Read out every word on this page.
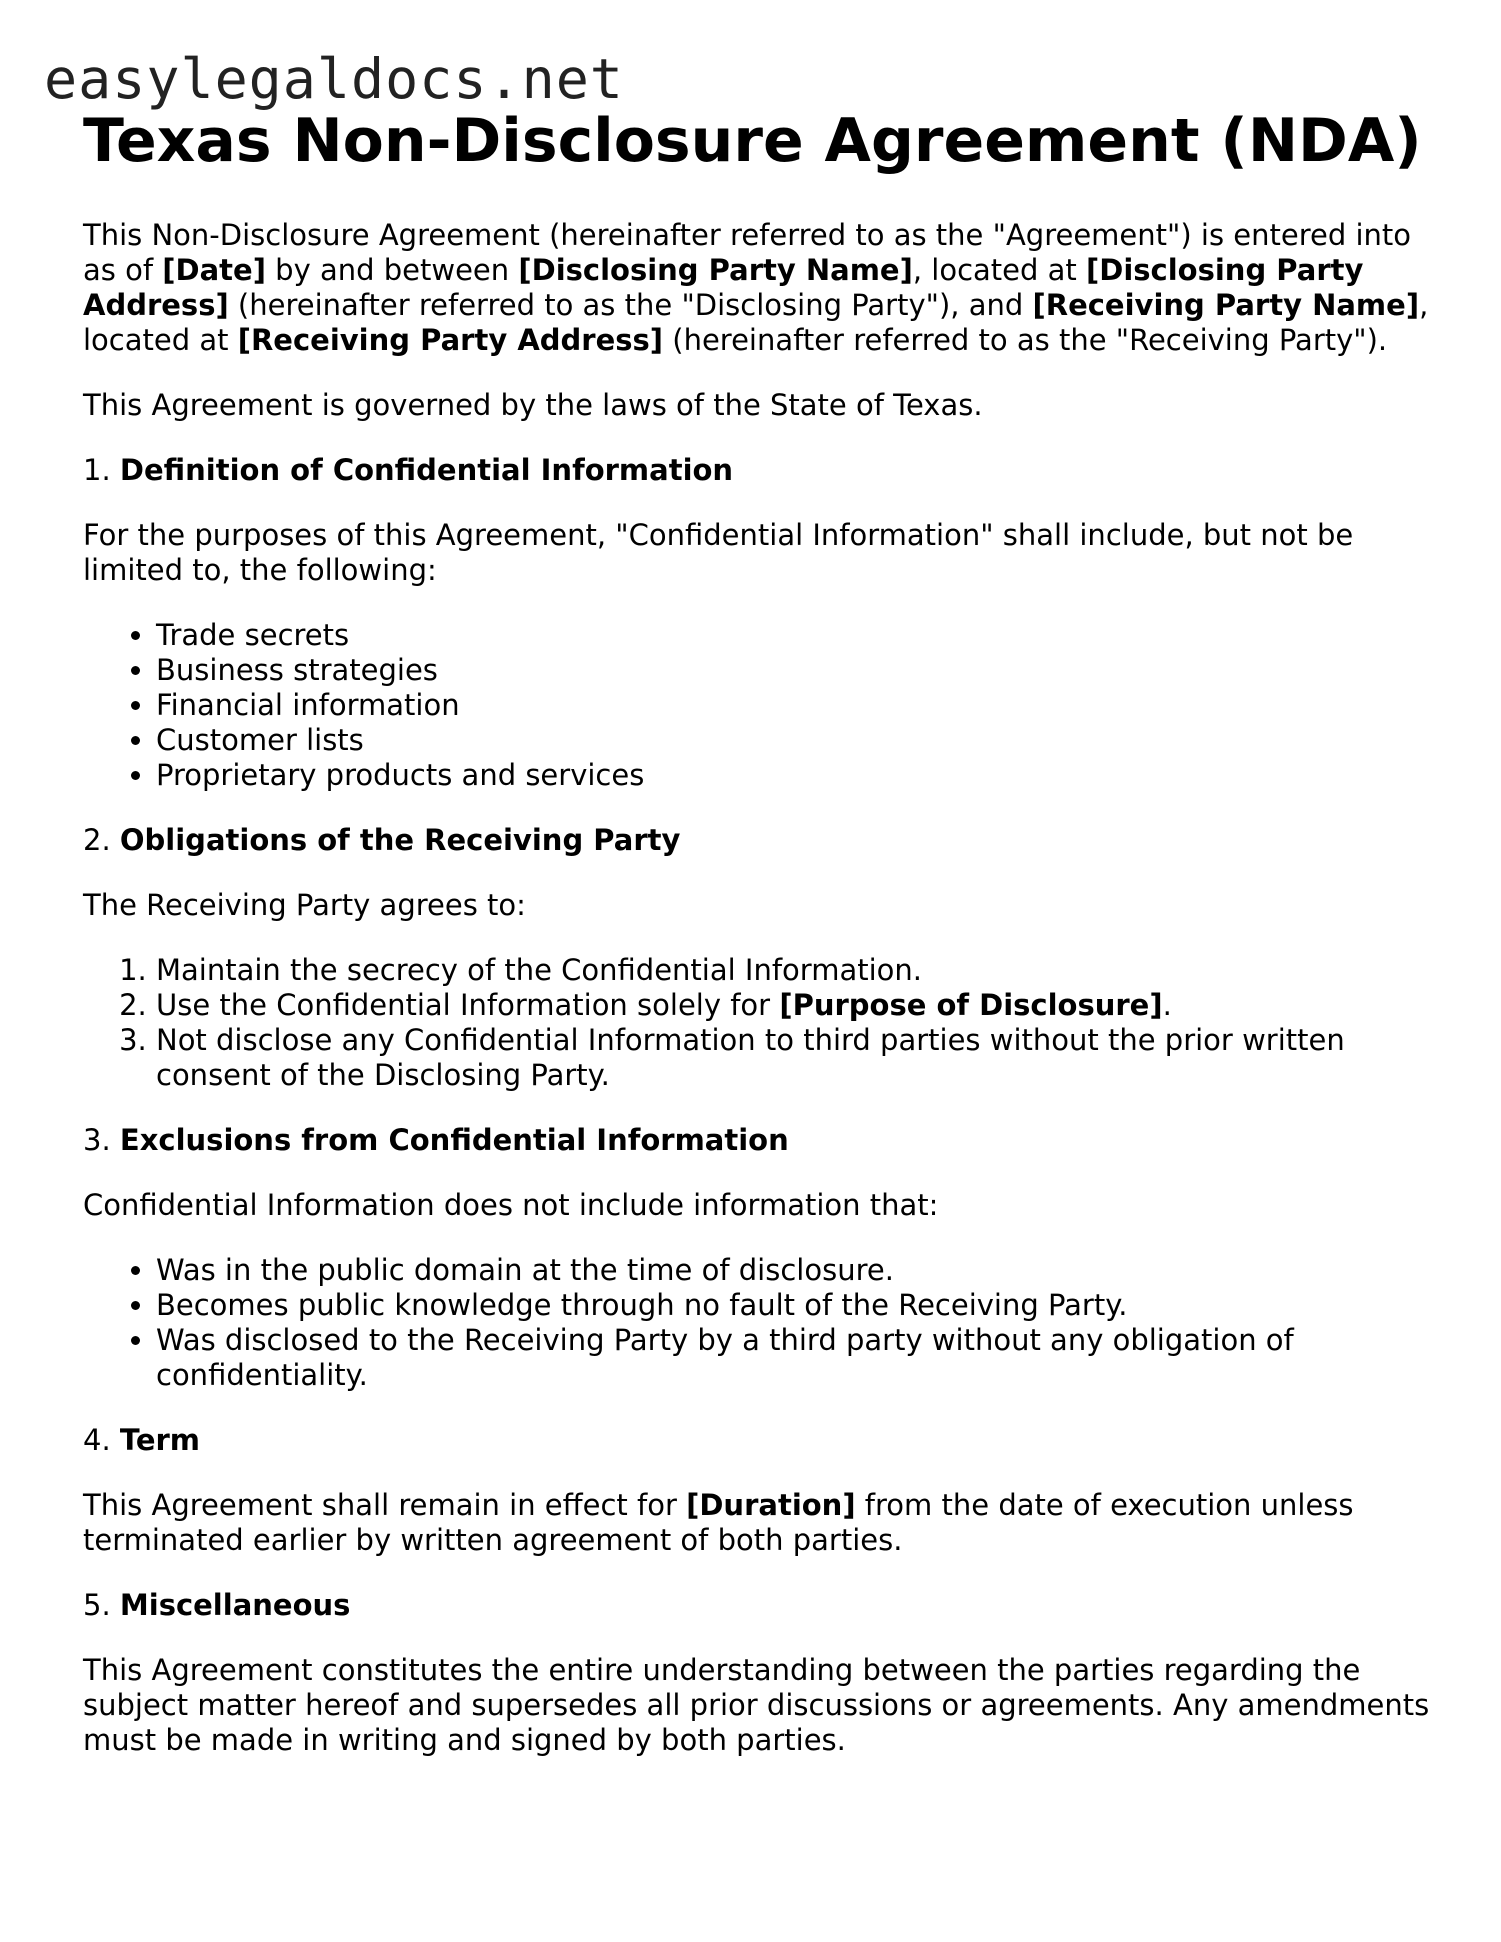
easylegaldocs.net
Texas Non-Disclosure Agreement (NDA)

This Non-Disclosure Agreement (hereinafter referred to as the "Agreement") is entered into as of [Date] by and between [Disclosing Party Name], located at [Disclosing Party Address] (hereinafter referred to as the "Disclosing Party"), and [Receiving Party Name], located at [Receiving Party Address] (hereinafter referred to as the "Receiving Party").

This Agreement is governed by the laws of the State of Texas.

1. Definition of Confidential Information

For the purposes of this Agreement, "Confidential Information" shall include, but not be limited to, the following:

• Trade secrets
• Business strategies
• Financial information
• Customer lists
• Proprietary products and services
2. Obligations of the Receiving Party

The Receiving Party agrees to:

1. Maintain the secrecy of the Confidential Information.
2. Use the Confidential Information solely for [Purpose of Disclosure].
3. Not disclose any Confidential Information to third parties without the prior written consent of the Disclosing Party.
3. Exclusions from Confidential Information

Confidential Information does not include information that:

• Was in the public domain at the time of disclosure.
• Becomes public knowledge through no fault of the Receiving Party.
• Was disclosed to the Receiving Party by a third party without any obligation of confidentiality.
4. Term

This Agreement shall remain in effect for [Duration] from the date of execution unless terminated earlier by written agreement of both parties.

5. Miscellaneous

This Agreement constitutes the entire understanding between the parties regarding the subject matter hereof and supersedes all prior discussions or agreements. Any amendments must be made in writing and signed by both parties.
